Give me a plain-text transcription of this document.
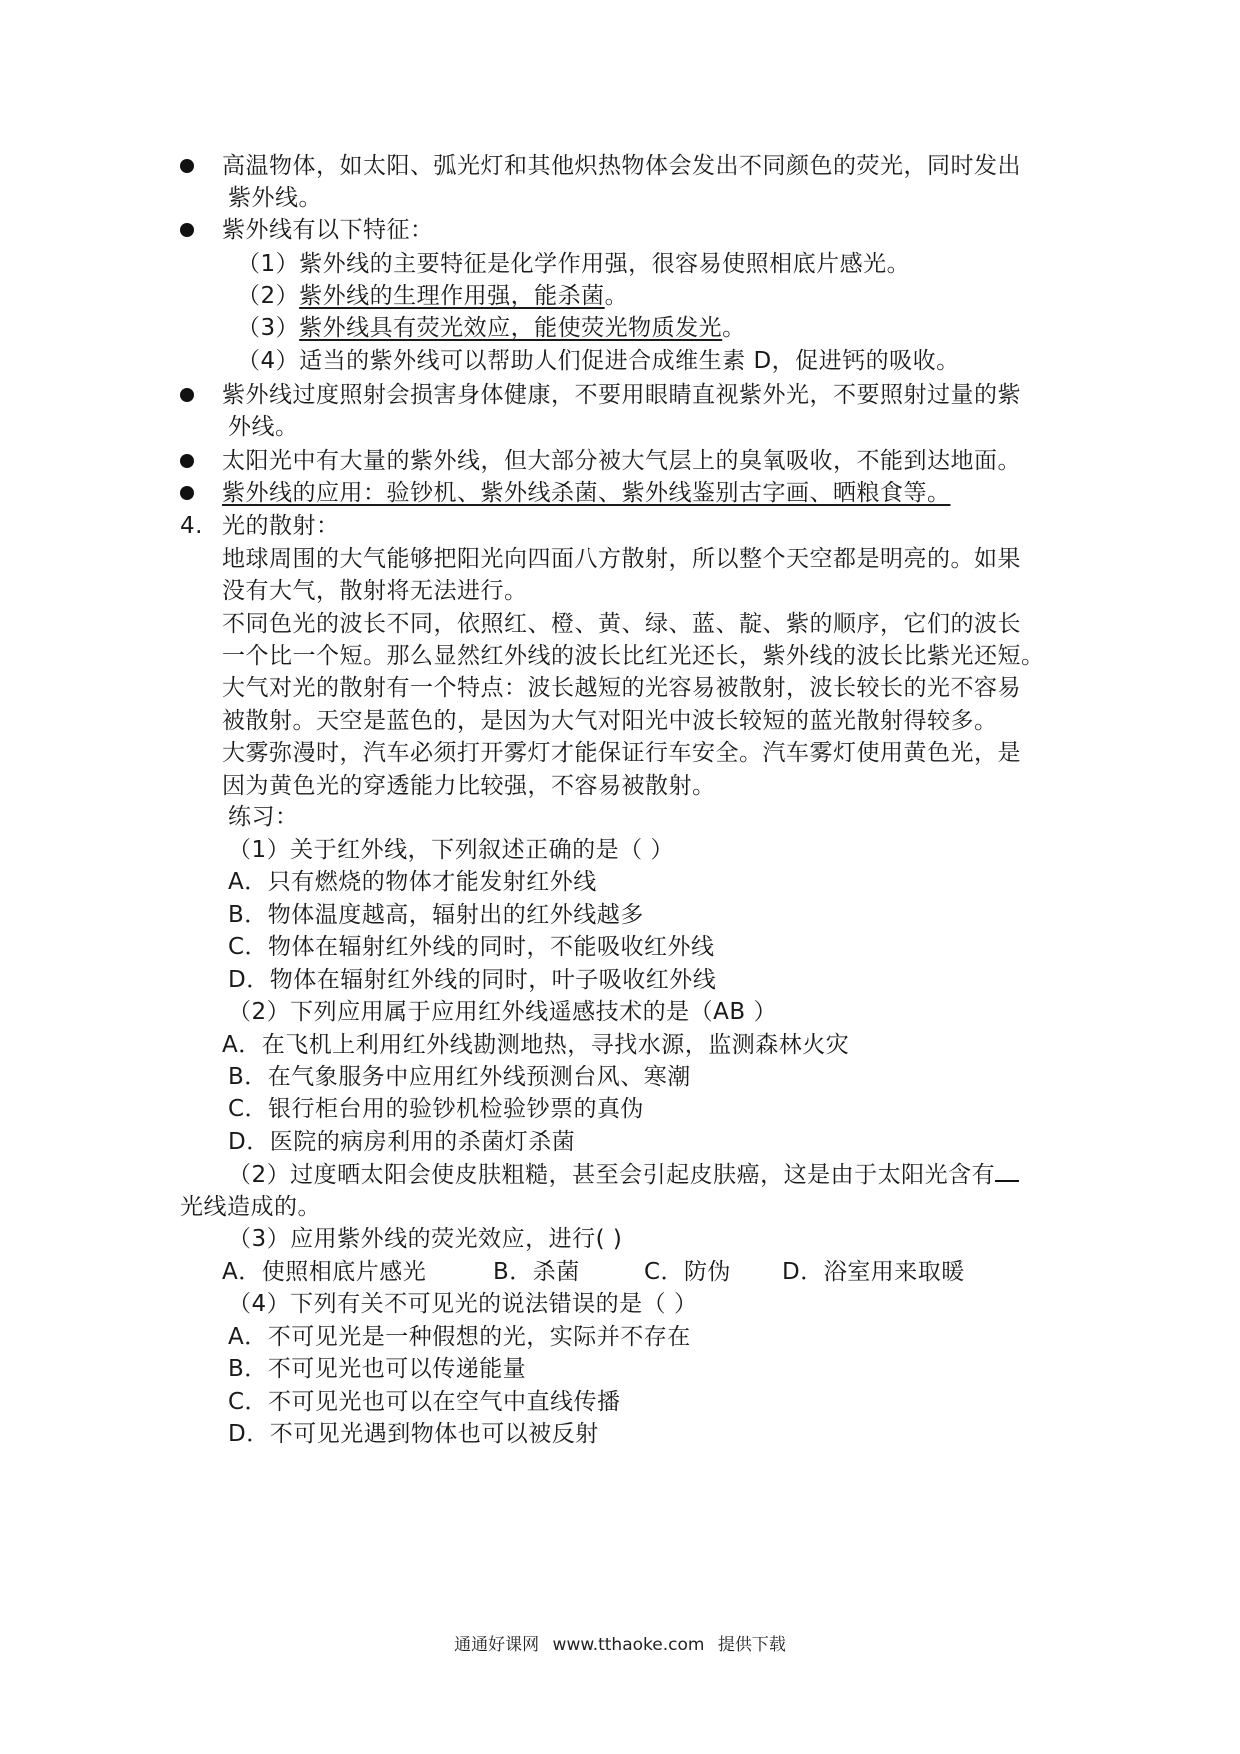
高温物体，如太阳、弧光灯和其他炽热物体会发出不同颜色的荧光，同时发出
紫外线。
紫外线有以下特征：
（1）紫外线的主要特征是化学作用强，很容易使照相底片感光。
（2）紫外线的生理作用强，能杀菌。
（3）紫外线具有荧光效应，能使荧光物质发光。
（4）适当的紫外线可以帮助人们促进合成维生素 D，促进钙的吸收。
紫外线过度照射会损害身体健康，不要用眼睛直视紫外光，不要照射过量的紫
外线。
太阳光中有大量的紫外线，但大部分被大气层上的臭氧吸收，不能到达地面。
紫外线的应用：验钞机、紫外线杀菌、紫外线鉴别古字画、晒粮食等。
4. 光的散射：
地球周围的大气能够把阳光向四面八方散射，所以整个天空都是明亮的。如果
没有大气，散射将无法进行。
不同色光的波长不同，依照红、橙、黄、绿、蓝、靛、紫的顺序，它们的波长
一个比一个短。那么显然红外线的波长比红光还长，紫外线的波长比紫光还短。
大气对光的散射有一个特点：波长越短的光容易被散射，波长较长的光不容易
被散射。天空是蓝色的，是因为大气对阳光中波长较短的蓝光散射得较多。
大雾弥漫时，汽车必须打开雾灯才能保证行车安全。汽车雾灯使用黄色光，是
因为黄色光的穿透能力比较强，不容易被散射。
练习：
（1）关于红外线，下列叙述正确的是（ ）
A．只有燃烧的物体才能发射红外线
B．物体温度越高，辐射出的红外线越多
C．物体在辐射红外线的同时，不能吸收红外线
D．物体在辐射红外线的同时，叶子吸收红外线
（2）下列应用属于应用红外线遥感技术的是（AB ）
A．在飞机上利用红外线勘测地热，寻找水源，监测森林火灾
B．在气象服务中应用红外线预测台风、寒潮
C．银行柜台用的验钞机检验钞票的真伪
D．医院的病房利用的杀菌灯杀菌
（2）过度晒太阳会使皮肤粗糙，甚至会引起皮肤癌，这是由于太阳光含有
光线造成的。
（3）应用紫外线的荧光效应，进行( )
A．使照相底片感光	B．杀菌	C．防伪 D．浴室用来取暖
（4）下列有关不可见光的说法错误的是（ ）
A．不可见光是一种假想的光，实际并不存在
B．不可见光也可以传递能量
C．不可见光也可以在空气中直线传播
D．不可见光遇到物体也可以被反射
通通好课网 www.tthaoke.com 提供下载
